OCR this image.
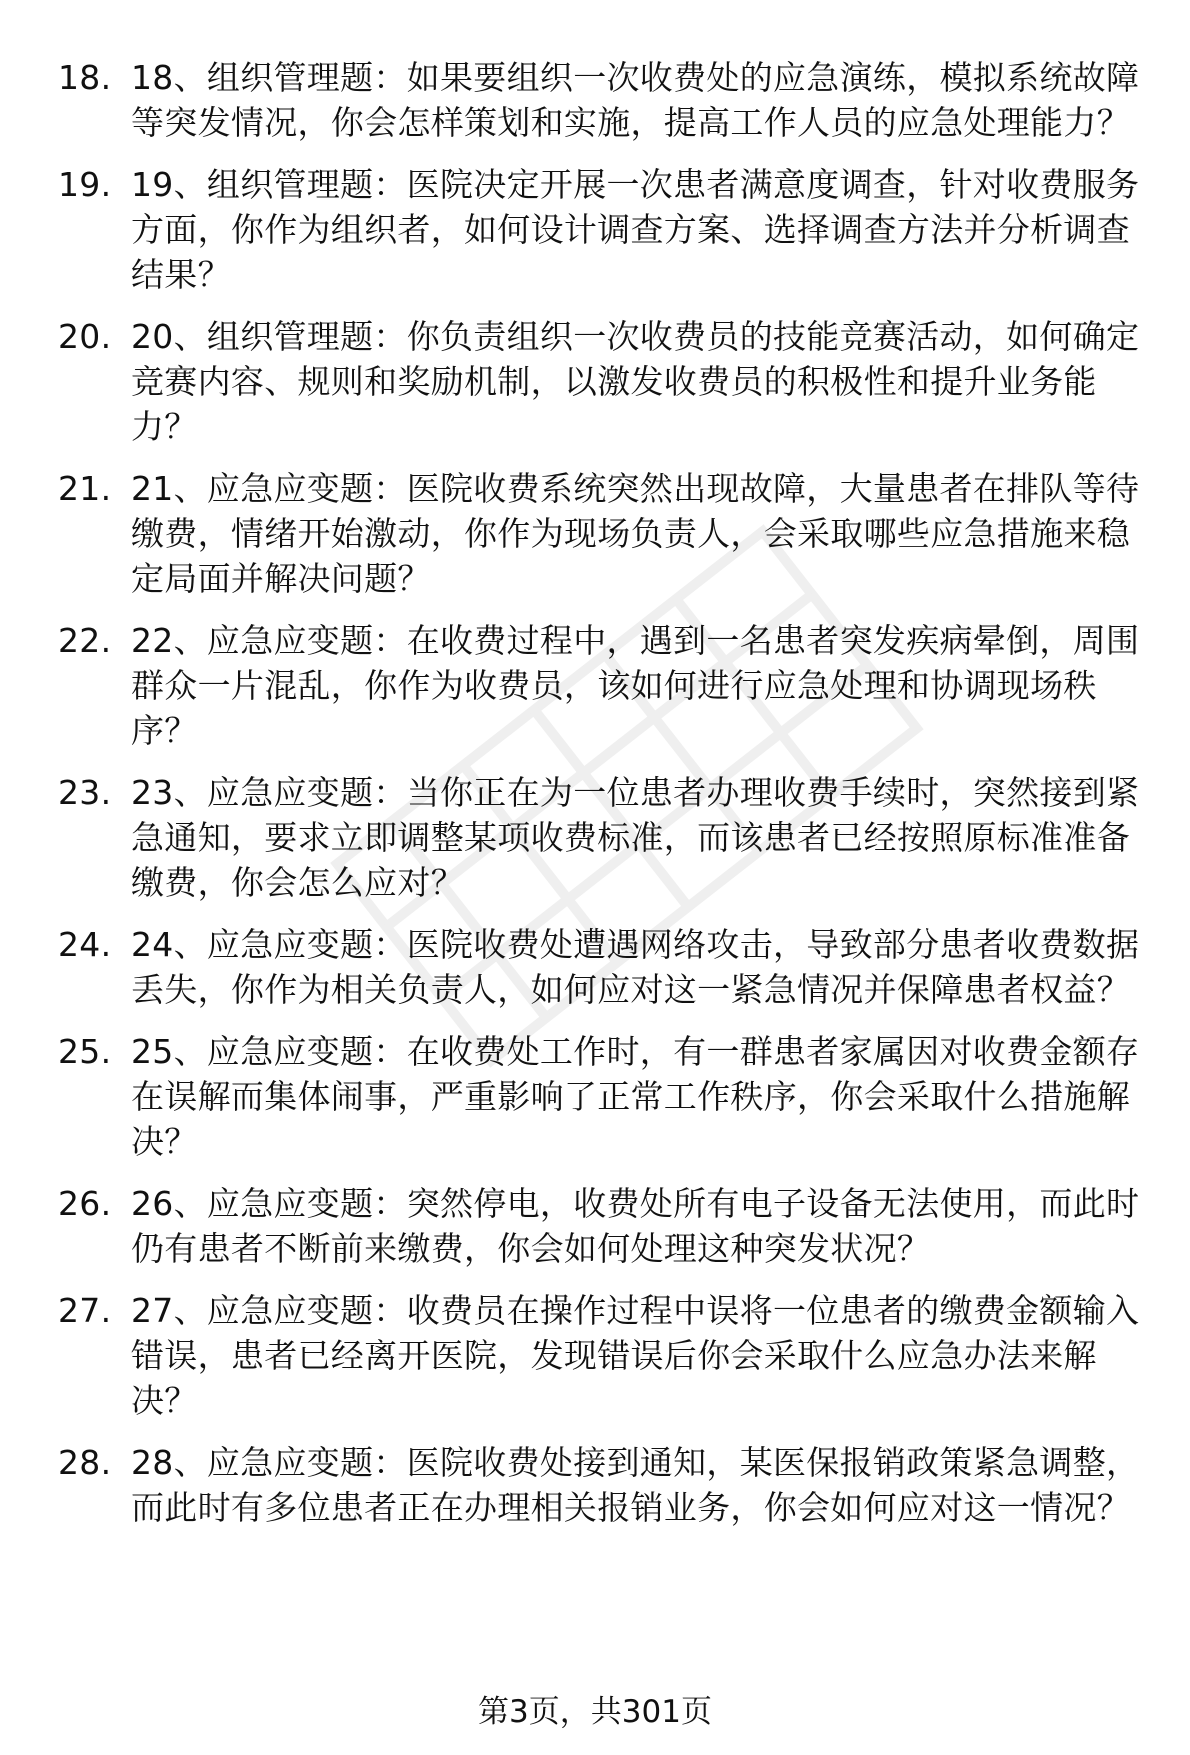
18. 18、组织管理题：如果要组织一次收费处的应急演练，模拟系统故障等突发情况，你会怎样策划和实施，提高工作人员的应急处理能力？
19. 19、组织管理题：医院决定开展一次患者满意度调查，针对收费服务方面，你作为组织者，如何设计调查方案、选择调查方法并分析调查结果？
20. 20、组织管理题：你负责组织一次收费员的技能竞赛活动，如何确定竞赛内容、规则和奖励机制，以激发收费员的积极性和提升业务能力？
21. 21、应急应变题：医院收费系统突然出现故障，大量患者在排队等待缴费，情绪开始激动，你作为现场负责人，会采取哪些应急措施来稳定局面并解决问题？
22. 22、应急应变题：在收费过程中，遇到一名患者突发疾病晕倒，周围群众一片混乱，你作为收费员，该如何进行应急处理和协调现场秩序？
23. 23、应急应变题：当你正在为一位患者办理收费手续时，突然接到紧急通知，要求立即调整某项收费标准，而该患者已经按照原标准准备缴费，你会怎么应对？
24. 24、应急应变题：医院收费处遭遇网络攻击，导致部分患者收费数据丢失，你作为相关负责人，如何应对这一紧急情况并保障患者权益？
25. 25、应急应变题：在收费处工作时，有一群患者家属因对收费金额存在误解而集体闹事，严重影响了正常工作秩序，你会采取什么措施解决？
26. 26、应急应变题：突然停电，收费处所有电子设备无法使用，而此时仍有患者不断前来缴费，你会如何处理这种突发状况？
27. 27、应急应变题：收费员在操作过程中误将一位患者的缴费金额输入错误，患者已经离开医院，发现错误后你会采取什么应急办法来解决？
28. 28、应急应变题：医院收费处接到通知，某医保报销政策紧急调整，而此时有多位患者正在办理相关报销业务，你会如何应对这一情况？
第3页，共301页
